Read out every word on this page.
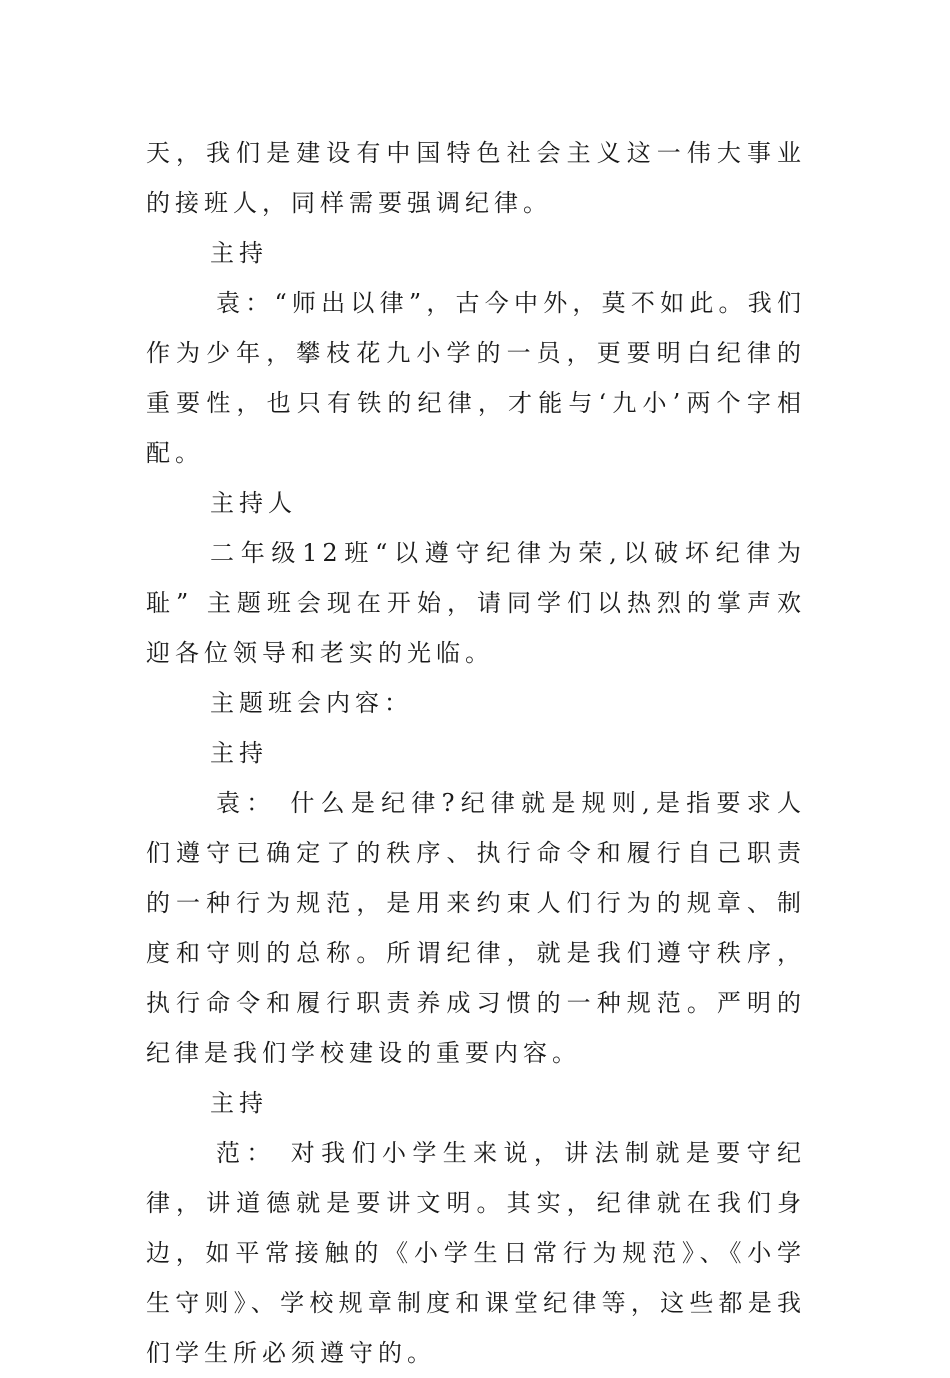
天，我们是建设有中国特色社会主义这一伟大事业的接班人，同样需要强调纪律。

主持

袁：“师出以律”，古今中外，莫不如此。我们作为少年，攀枝花九小学的一员，更要明白纪律的重要性，也只有铁的纪律，才能与‘九小’两个字相配。

主持人

二年级12班“以遵守纪律为荣,以破坏纪律为耻” 主题班会现在开始，请同学们以热烈的掌声欢迎各位领导和老实的光临。

主题班会内容：

主持

袁： 什么是纪律?纪律就是规则,是指要求人们遵守已确定了的秩序、执行命令和履行自己职责的一种行为规范，是用来约束人们行为的规章、制度和守则的总称。所谓纪律，就是我们遵守秩序，执行命令和履行职责养成习惯的一种规范。严明的纪律是我们学校建设的重要内容。

主持

范： 对我们小学生来说，讲法制就是要守纪律，讲道德就是要讲文明。其实，纪律就在我们身边，如平常接触的《小学生日常行为规范》、《小学生守则》、学校规章制度和课堂纪律等，这些都是我们学生所必须遵守的。
